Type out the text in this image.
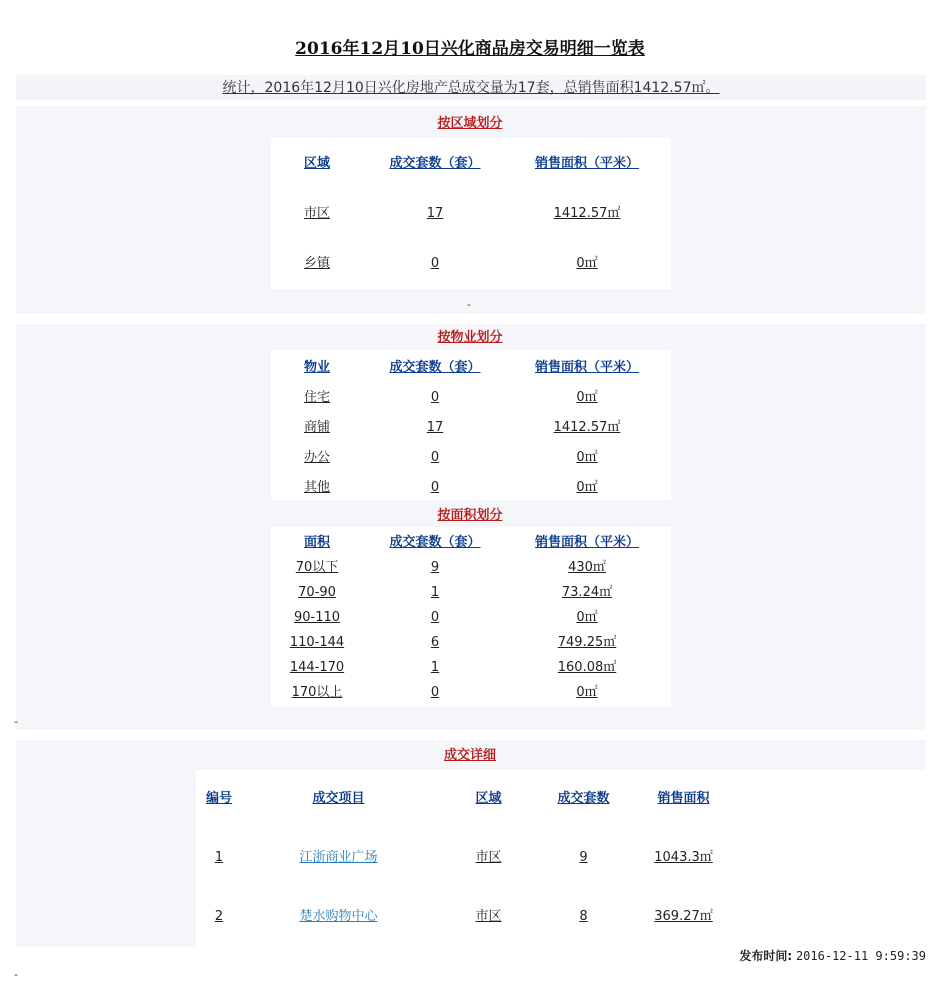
2016年12月10日兴化商品房交易明细一览表
统计，2016年12月10日兴化房地产总成交量为17套，总销售面积1412.57㎡。
按区域划分
区域	成交套数（套）	销售面积（平米）
市区	17	1412.57㎡
乡镇	0	0㎡
-
按物业划分
物业	成交套数（套）	销售面积（平米）
住宅	0	0㎡
商铺	17	1412.57㎡
办公	0	0㎡
其他	0	0㎡
按面积划分
面积	成交套数（套）	销售面积（平米）
70以下	9	430㎡
70-90	1	73.24㎡
90-110	0	0㎡
110-144	6	749.25㎡
144-170	1	160.08㎡
170以上	0	0㎡
-
成交详细
编号	成交项目	区域	成交套数	销售面积
1	江浙商业广场	市区	9	1043.3㎡
2	楚水购物中心	市区	8	369.27㎡
发布时间: 2016-12-11 9:59:39
-
